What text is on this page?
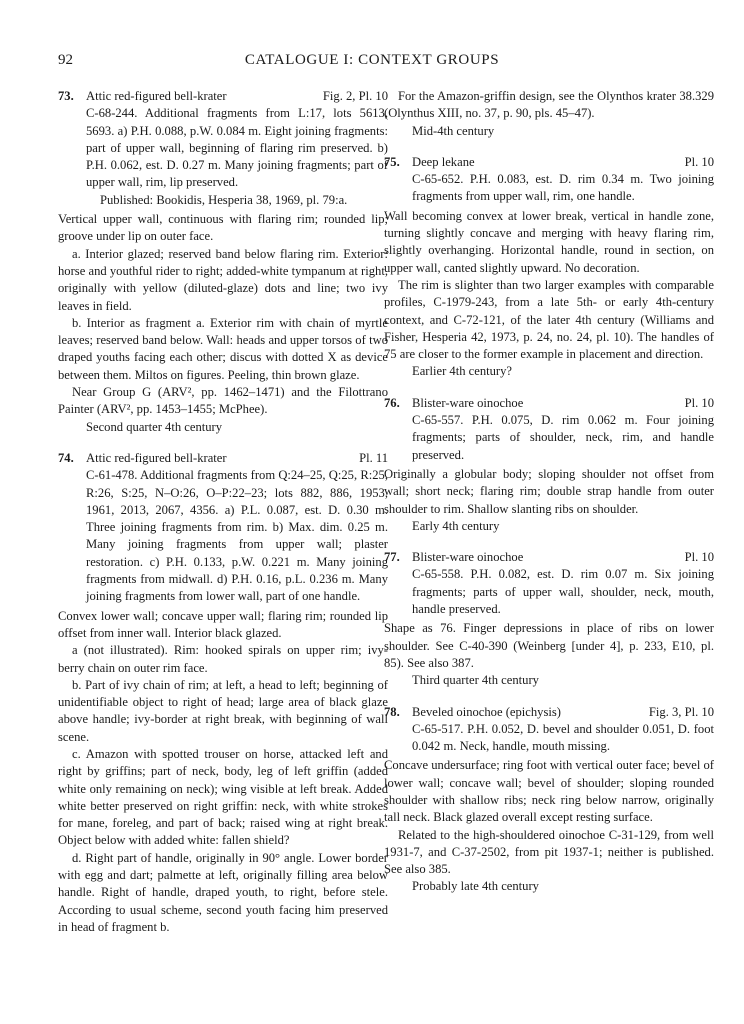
92	CATALOGUE I: CONTEXT GROUPS
73. Attic red-figured bell-krater	Fig. 2, Pl. 10

C-68-244. Additional fragments from L:17, lots 5613, 5693. a) P.H. 0.088, p.W. 0.084 m. Eight joining fragments: part of upper wall, beginning of flaring rim preserved. b) P.H. 0.062, est. D. 0.27 m. Many joining fragments; part of upper wall, rim, lip preserved.

Published: Bookidis, Hesperia 38, 1969, pl. 79:a.

Vertical upper wall, continuous with flaring rim; rounded lip; groove under lip on outer face.

a. Interior glazed; reserved band below flaring rim. Exterior: horse and youthful rider to right; added-white tympanum at right, originally with yellow (diluted-glaze) dots and line; two ivy leaves in field.

b. Interior as fragment a. Exterior rim with chain of myrtle leaves; reserved band below. Wall: heads and upper torsos of two draped youths facing each other; discus with dotted X as device between them. Miltos on figures. Peeling, thin brown glaze.

Near Group G (ARV², pp. 1462–1471) and the Filottrano Painter (ARV², pp. 1453–1455; McPhee).

Second quarter 4th century

74. Attic red-figured bell-krater	Pl. 11

C-61-478. Additional fragments from Q:24–25, Q:25, R:25, R:26, S:25, N–O:26, O–P:22–23; lots 882, 886, 1953, 1961, 2013, 2067, 4356. a) P.L. 0.087, est. D. 0.30 m. Three joining fragments from rim. b) Max. dim. 0.25 m. Many joining fragments from upper wall; plaster restoration. c) P.H. 0.133, p.W. 0.221 m. Many joining fragments from midwall. d) P.H. 0.16, p.L. 0.236 m. Many joining fragments from lower wall, part of one handle.

Convex lower wall; concave upper wall; flaring rim; rounded lip offset from inner wall. Interior black glazed.

a (not illustrated). Rim: hooked spirals on upper rim; ivy-berry chain on outer rim face.

b. Part of ivy chain of rim; at left, a head to left; beginning of unidentifiable object to right of head; large area of black glaze above handle; ivy-border at right break, with beginning of wall scene.

c. Amazon with spotted trouser on horse, attacked left and right by griffins; part of neck, body, leg of left griffin (added white only remaining on neck); wing visible at left break. Added white better preserved on right griffin: neck, with white strokes for mane, foreleg, and part of back; raised wing at right break. Object below with added white: fallen shield?

d. Right part of handle, originally in 90° angle. Lower border with egg and dart; palmette at left, originally filling area below handle. Right of handle, draped youth, to right, before stele. According to usual scheme, second youth facing him preserved in head of fragment b.

For the Amazon-griffin design, see the Olynthos krater 38.329 (Olynthus XIII, no. 37, p. 90, pls. 45–47).

Mid-4th century

75. Deep lekane	Pl. 10

C-65-652. P.H. 0.083, est. D. rim 0.34 m. Two joining fragments from upper wall, rim, one handle.

Wall becoming convex at lower break, vertical in handle zone, turning slightly concave and merging with heavy flaring rim, slightly overhanging. Horizontal handle, round in section, on upper wall, canted slightly upward. No decoration.

The rim is slighter than two larger examples with comparable profiles, C-1979-243, from a late 5th- or early 4th-century context, and C-72-121, of the later 4th century (Williams and Fisher, Hesperia 42, 1973, p. 24, no. 24, pl. 10). The handles of 75 are closer to the former example in placement and direction.

Earlier 4th century?

76. Blister-ware oinochoe	Pl. 10

C-65-557. P.H. 0.075, D. rim 0.062 m. Four joining fragments; parts of shoulder, neck, rim, and handle preserved.

Originally a globular body; sloping shoulder not offset from wall; short neck; flaring rim; double strap handle from outer shoulder to rim. Shallow slanting ribs on shoulder.

Early 4th century

77. Blister-ware oinochoe	Pl. 10

C-65-558. P.H. 0.082, est. D. rim 0.07 m. Six joining fragments; parts of upper wall, shoulder, neck, mouth, handle preserved.

Shape as 76. Finger depressions in place of ribs on lower shoulder. See C-40-390 (Weinberg [under 4], p. 233, E10, pl. 85). See also 387.

Third quarter 4th century

78. Beveled oinochoe (epichysis)	Fig. 3, Pl. 10

C-65-517. P.H. 0.052, D. bevel and shoulder 0.051, D. foot 0.042 m. Neck, handle, mouth missing.

Concave undersurface; ring foot with vertical outer face; bevel of lower wall; concave wall; bevel of shoulder; sloping rounded shoulder with shallow ribs; neck ring below narrow, originally tall neck. Black glazed overall except resting surface.

Related to the high-shouldered oinochoe C-31-129, from well 1931-7, and C-37-2502, from pit 1937-1; neither is published. See also 385.

Probably late 4th century
